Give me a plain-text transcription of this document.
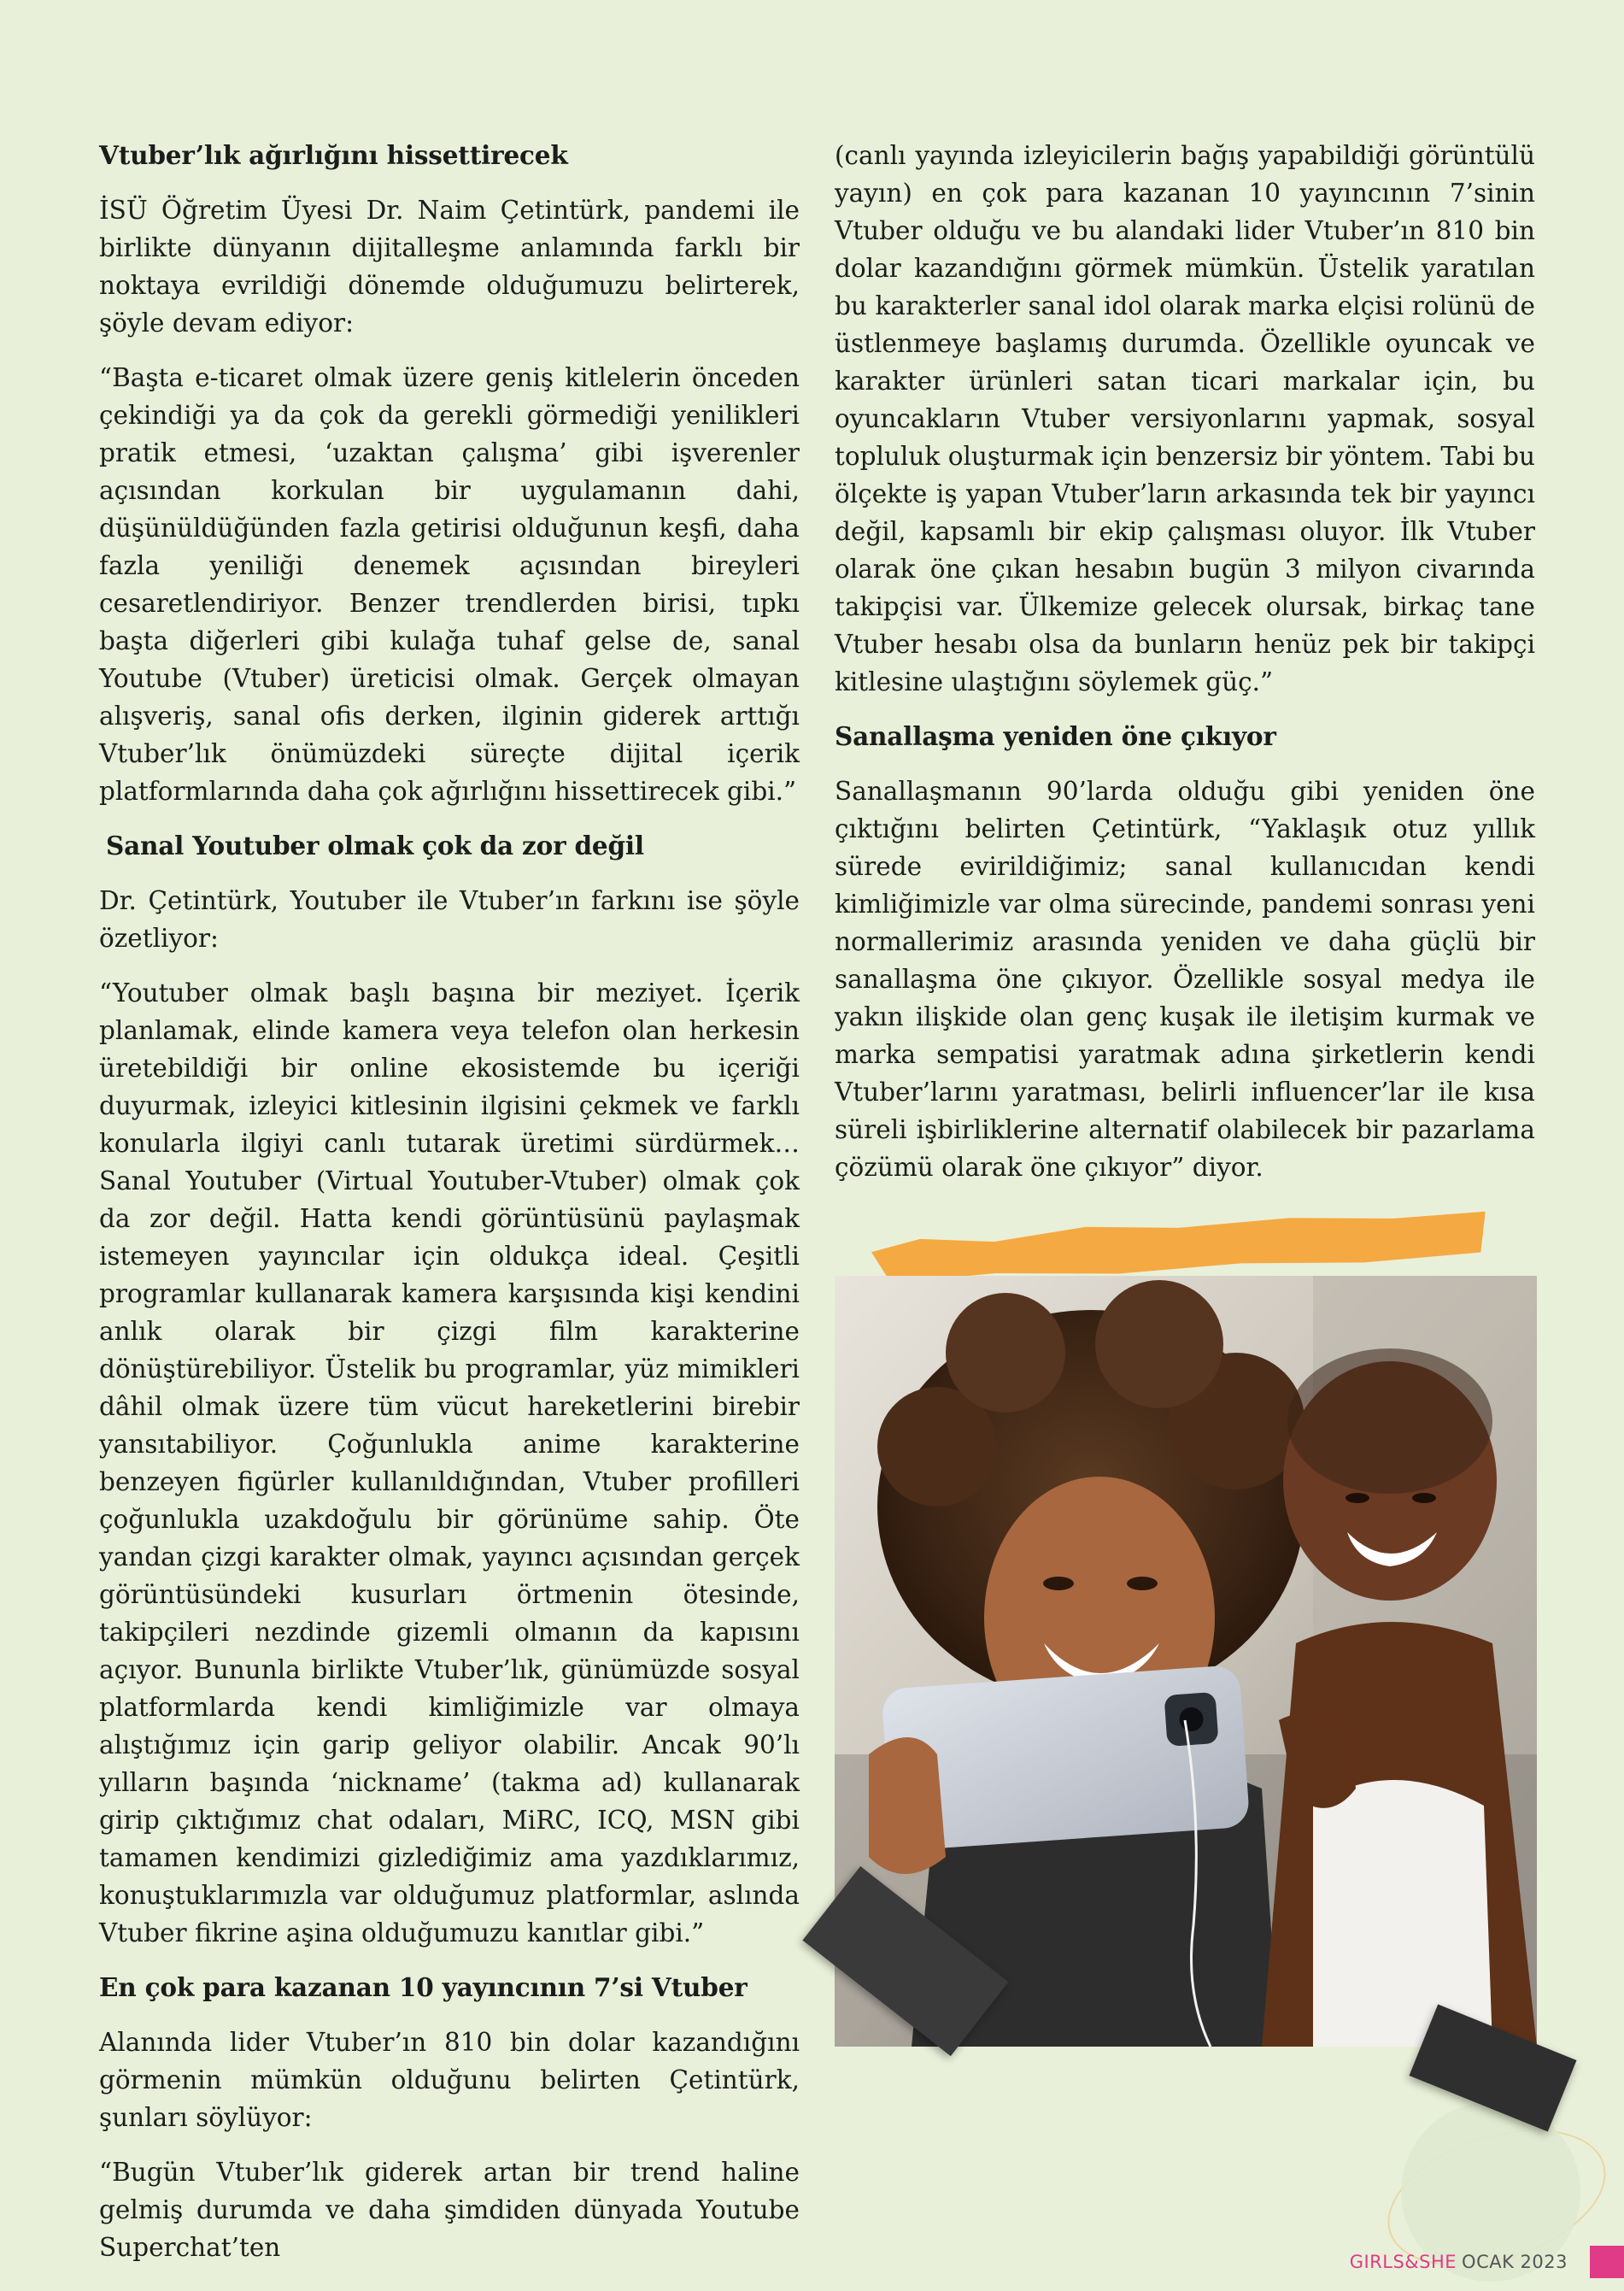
Vtuber’lık ağırlığını hissettirecek

İSÜ Öğretim Üyesi Dr. Naim Çetintürk, pandemi ile birlikte dünyanın dijitalleşme anlamında farklı bir noktaya evrildiği dönemde olduğumuzu belirterek, şöyle devam ediyor:

“Başta e-ticaret olmak üzere geniş kitlelerin önceden çekindiği ya da çok da gerekli görmediği yenilikleri pratik etmesi, ‘uzaktan çalışma’ gibi işverenler açısından korkulan bir uygulamanın dahi, düşünüldüğünden fazla getirisi olduğunun keşfi, daha fazla yeniliği denemek açısından bireyleri cesaretlendiriyor. Benzer trendlerden birisi, tıpkı başta diğerleri gibi kulağa tuhaf gelse de, sanal Youtube (Vtuber) üreticisi olmak. Gerçek olmayan alışveriş, sanal ofis derken, ilginin giderek arttığı Vtuber’lık önümüzdeki süreçte dijital içerik platformlarında daha çok ağırlığını hissettirecek gibi.”

Sanal Youtuber olmak çok da zor değil

Dr. Çetintürk, Youtuber ile Vtuber’ın farkını ise şöyle özetliyor:

“Youtuber olmak başlı başına bir meziyet. İçerik planlamak, elinde kamera veya telefon olan herkesin üretebildiği bir online ekosistemde bu içeriği duyurmak, izleyici kitlesinin ilgisini çekmek ve farklı konularla ilgiyi canlı tutarak üretimi sürdürmek… Sanal Youtuber (Virtual Youtuber-Vtuber) olmak çok da zor değil. Hatta kendi görüntüsünü paylaşmak istemeyen yayıncılar için oldukça ideal. Çeşitli programlar kullanarak kamera karşısında kişi kendini anlık olarak bir çizgi film karakterine dönüştürebiliyor. Üstelik bu programlar, yüz mimikleri dâhil olmak üzere tüm vücut hareketlerini birebir yansıtabiliyor. Çoğunlukla anime karakterine benzeyen figürler kullanıldığından, Vtuber profilleri çoğunlukla uzakdoğulu bir görünüme sahip. Öte yandan çizgi karakter olmak, yayıncı açısından gerçek görüntüsündeki kusurları örtmenin ötesinde, takipçileri nezdinde gizemli olmanın da kapısını açıyor. Bununla birlikte Vtuber’lık, günümüzde sosyal platformlarda kendi kimliğimizle var olmaya alıştığımız için garip geliyor olabilir. Ancak 90’lı yılların başında ‘nickname’ (takma ad) kullanarak girip çıktığımız chat odaları, MiRC, ICQ, MSN gibi tamamen kendimizi gizlediğimiz ama yazdıklarımız, konuştuklarımızla var olduğumuz platformlar, aslında Vtuber fikrine aşina olduğumuzu kanıtlar gibi.”

En çok para kazanan 10 yayıncının 7’si Vtuber

Alanında lider Vtuber’ın 810 bin dolar kazandığını görmenin mümkün olduğunu belirten Çetintürk, şunları söylüyor:

“Bugün Vtuber’lık giderek artan bir trend haline gelmiş durumda ve daha şimdiden dünyada Youtube Superchat’ten

(canlı yayında izleyicilerin bağış yapabildiği görüntülü yayın) en çok para kazanan 10 yayıncının 7’sinin Vtuber olduğu ve bu alandaki lider Vtuber’ın 810 bin dolar kazandığını görmek mümkün. Üstelik yaratılan bu karakterler sanal idol olarak marka elçisi rolünü de üstlenmeye başlamış durumda. Özellikle oyuncak ve karakter ürünleri satan ticari markalar için, bu oyuncakların Vtuber versiyonlarını yapmak, sosyal topluluk oluşturmak için benzersiz bir yöntem. Tabi bu ölçekte iş yapan Vtuber’ların arkasında tek bir yayıncı değil, kapsamlı bir ekip çalışması oluyor. İlk Vtuber olarak öne çıkan hesabın bugün 3 milyon civarında takipçisi var. Ülkemize gelecek olursak, birkaç tane Vtuber hesabı olsa da bunların henüz pek bir takipçi kitlesine ulaştığını söylemek güç.”

Sanallaşma yeniden öne çıkıyor

Sanallaşmanın 90’larda olduğu gibi yeniden öne çıktığını belirten Çetintürk, “Yaklaşık otuz yıllık sürede evirildiğimiz; sanal kullanıcıdan kendi kimliğimizle var olma sürecinde, pandemi sonrası yeni normallerimiz arasında yeniden ve daha güçlü bir sanallaşma öne çıkıyor. Özellikle sosyal medya ile yakın ilişkide olan genç kuşak ile iletişim kurmak ve marka sempatisi yaratmak adına şirketlerin kendi Vtuber’larını yaratması, belirli influencer’lar ile kısa süreli işbirliklerine alternatif olabilecek bir pazarlama çözümü olarak öne çıkıyor” diyor.

GIRLS&SHE OCAK 2023
